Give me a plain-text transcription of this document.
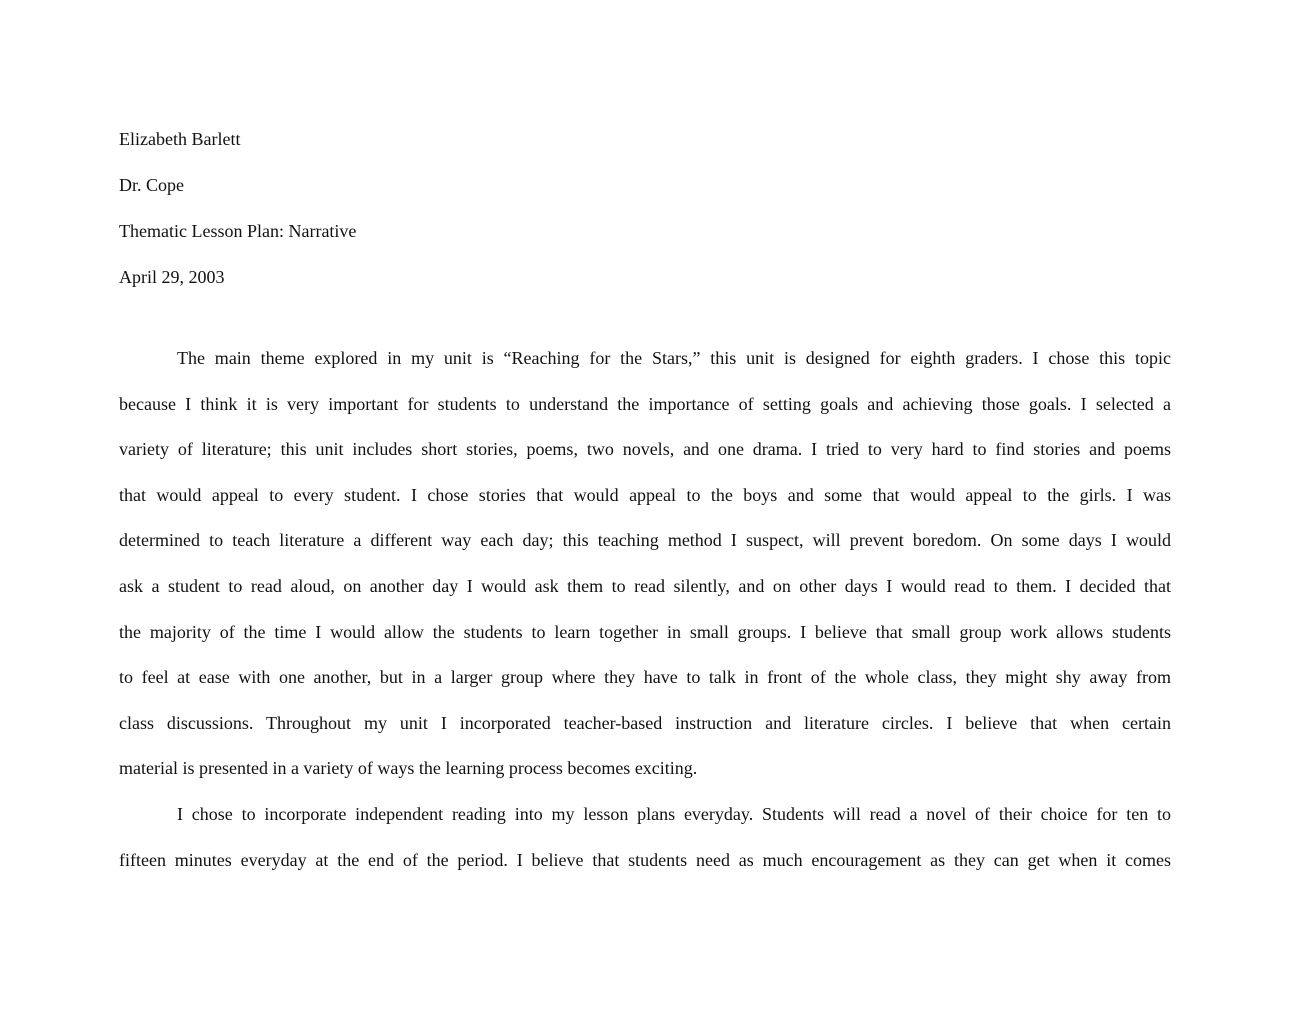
Elizabeth Barlett
Dr. Cope
Thematic Lesson Plan: Narrative
April 29, 2003
The main theme explored in my unit is “Reaching for the Stars,” this unit is designed for eighth graders. I chose this topic
because I think it is very important for students to understand the importance of setting goals and achieving those goals. I selected a
variety of literature; this unit includes short stories, poems, two novels, and one drama. I tried to very hard to find stories and poems
that would appeal to every student. I chose stories that would appeal to the boys and some that would appeal to the girls. I was
determined to teach literature a different way each day; this teaching method I suspect, will prevent boredom. On some days I would
ask a student to read aloud, on another day I would ask them to read silently, and on other days I would read to them. I decided that
the majority of the time I would allow the students to learn together in small groups. I believe that small group work allows students
to feel at ease with one another, but in a larger group where they have to talk in front of the whole class, they might shy away from
class discussions. Throughout my unit I incorporated teacher-based instruction and literature circles. I believe that when certain
material is presented in a variety of ways the learning process becomes exciting.
I chose to incorporate independent reading into my lesson plans everyday. Students will read a novel of their choice for ten to
fifteen minutes everyday at the end of the period. I believe that students need as much encouragement as they can get when it comes
